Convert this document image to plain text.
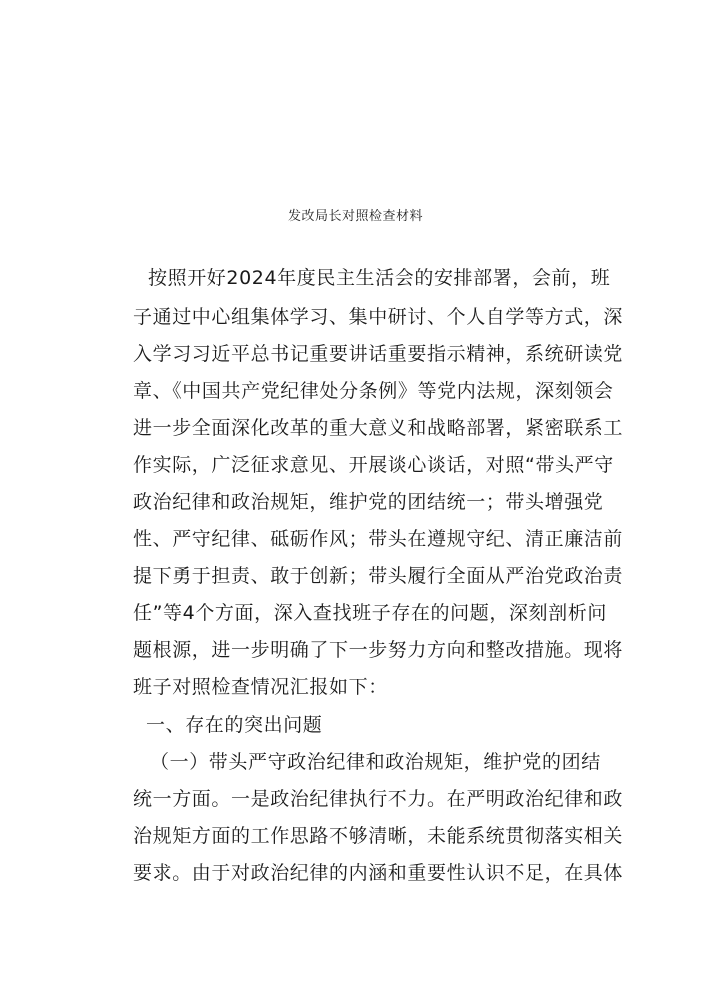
发改局长对照检查材料
按照开好2024年度民主生活会的安排部署，会前，班
子通过中心组集体学习、集中研讨、个人自学等方式，深
入学习习近平总书记重要讲话重要指示精神，系统研读党
章、《中国共产党纪律处分条例》等党内法规，深刻领会
进一步全面深化改革的重大意义和战略部署，紧密联系工
作实际，广泛征求意见、开展谈心谈话，对照“带头严守
政治纪律和政治规矩，维护党的团结统一；带头增强党
性、严守纪律、砥砺作风；带头在遵规守纪、清正廉洁前
提下勇于担责、敢于创新；带头履行全面从严治党政治责
任”等4个方面，深入查找班子存在的问题，深刻剖析问
题根源，进一步明确了下一步努力方向和整改措施。现将
班子对照检查情况汇报如下：
一、存在的突出问题
（一）带头严守政治纪律和政治规矩，维护党的团结
统一方面。一是政治纪律执行不力。在严明政治纪律和政
治规矩方面的工作思路不够清晰，未能系统贯彻落实相关
要求。由于对政治纪律的内涵和重要性认识不足，在具体
